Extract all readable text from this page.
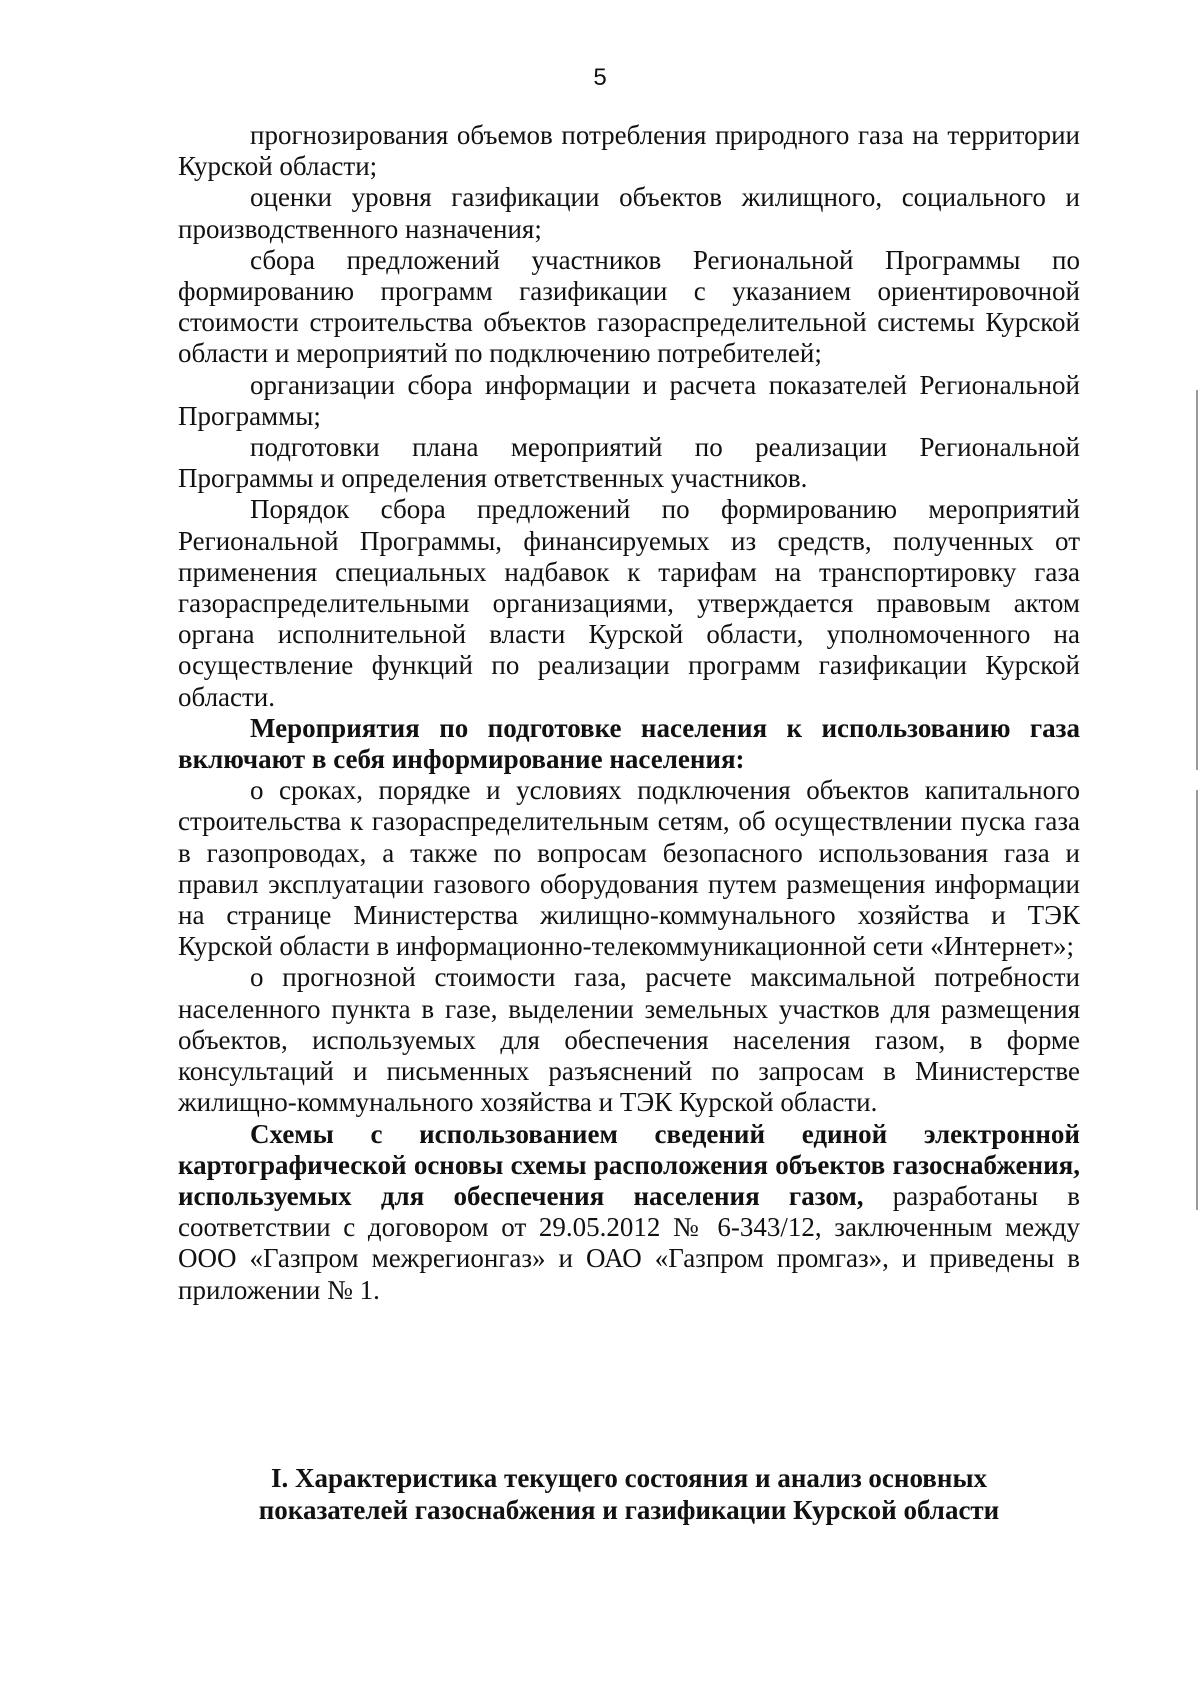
5

прогнозирования объемов потребления природного газа на территории Курской области;

оценки уровня газификации объектов жилищного, социального и производственного назначения;

сбора предложений участников Региональной Программы по формированию программ газификации с указанием ориентировочной стоимости строительства объектов газораспределительной системы Курской области и мероприятий по подключению потребителей;

организации сбора информации и расчета показателей Региональной Программы;

подготовки плана мероприятий по реализации Региональной Программы и определения ответственных участников.

Порядок сбора предложений по формированию мероприятий Региональной Программы, финансируемых из средств, полученных от применения специальных надбавок к тарифам на транспортировку газа газораспределительными организациями, утверждается правовым актом органа исполнительной власти Курской области, уполномоченного на осуществление функций по реализации программ газификации Курской области.

Мероприятия по подготовке населения к использованию газа включают в себя информирование населения:

о сроках, порядке и условиях подключения объектов капитального строительства к газораспределительным сетям, об осуществлении пуска газа в газопроводах, а также по вопросам безопасного использования газа и правил эксплуатации газового оборудования путем размещения информации на странице Министерства жилищно-коммунального хозяйства и ТЭК Курской области в информационно-телекоммуникационной сети «Интернет»;

о прогнозной стоимости газа, расчете максимальной потребности населенного пункта в газе, выделении земельных участков для размещения объектов, используемых для обеспечения населения газом, в форме консультаций и письменных разъяснений по запросам в Министерстве жилищно-коммунального хозяйства и ТЭК Курской области.

Схемы с использованием сведений единой электронной картографической основы схемы расположения объектов газоснабжения, используемых для обеспечения населения газом, разработаны в соответствии с договором от 29.05.2012 № 6-343/12, заключенным между ООО «Газпром межрегионгаз» и ОАО «Газпром промгаз», и приведены в приложении № 1.

I. Характеристика текущего состояния и анализ основных
показателей газоснабжения и газификации Курской области
